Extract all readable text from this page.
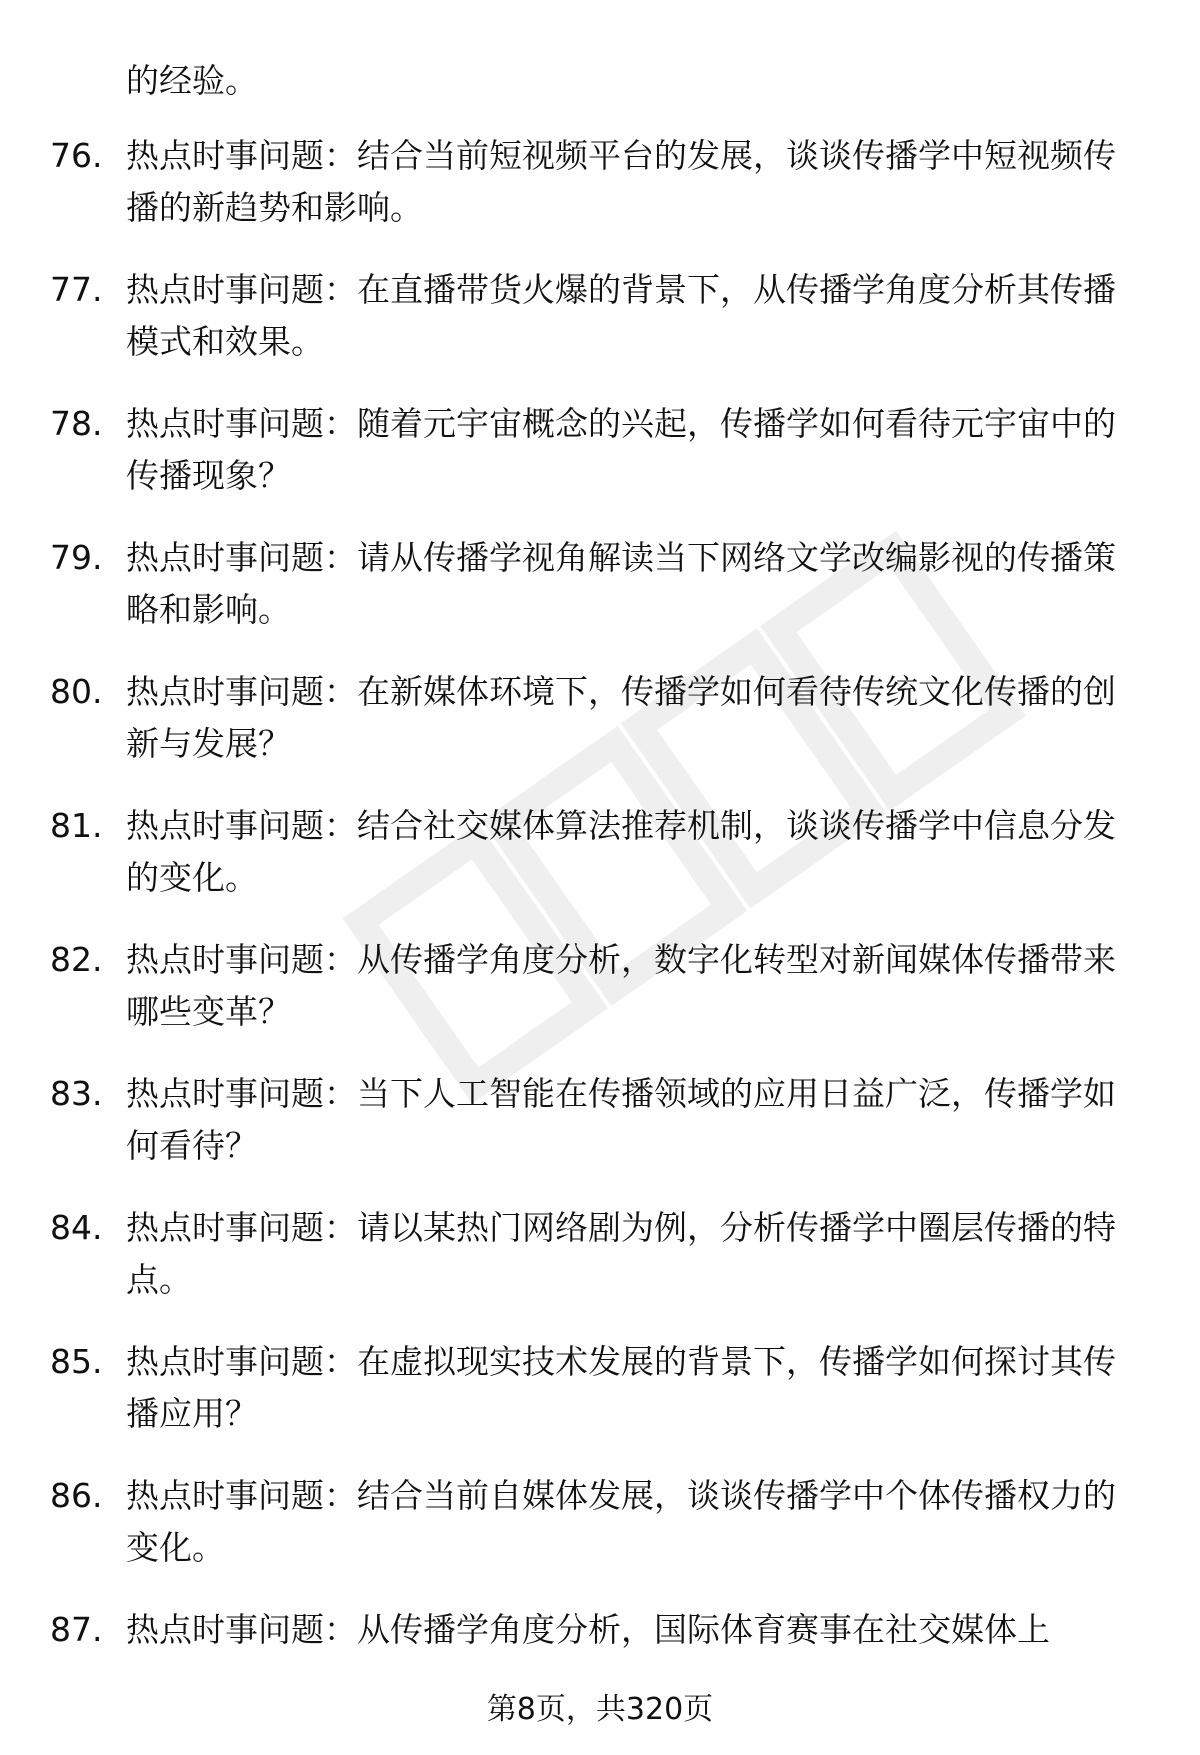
的经验。

76. 热点时事问题：结合当前短视频平台的发展，谈谈传播学中短视频传播的新趋势和影响。

77. 热点时事问题：在直播带货火爆的背景下，从传播学角度分析其传播模式和效果。

78. 热点时事问题：随着元宇宙概念的兴起，传播学如何看待元宇宙中的传播现象？

79. 热点时事问题：请从传播学视角解读当下网络文学改编影视的传播策略和影响。

80. 热点时事问题：在新媒体环境下，传播学如何看待传统文化传播的创新与发展？

81. 热点时事问题：结合社交媒体算法推荐机制，谈谈传播学中信息分发的变化。

82. 热点时事问题：从传播学角度分析，数字化转型对新闻媒体传播带来哪些变革？

83. 热点时事问题：当下人工智能在传播领域的应用日益广泛，传播学如何看待？

84. 热点时事问题：请以某热门网络剧为例，分析传播学中圈层传播的特点。

85. 热点时事问题：在虚拟现实技术发展的背景下，传播学如何探讨其传播应用？

86. 热点时事问题：结合当前自媒体发展，谈谈传播学中个体传播权力的变化。

87. 热点时事问题：从传播学角度分析，国际体育赛事在社交媒体上

第8页，共320页
